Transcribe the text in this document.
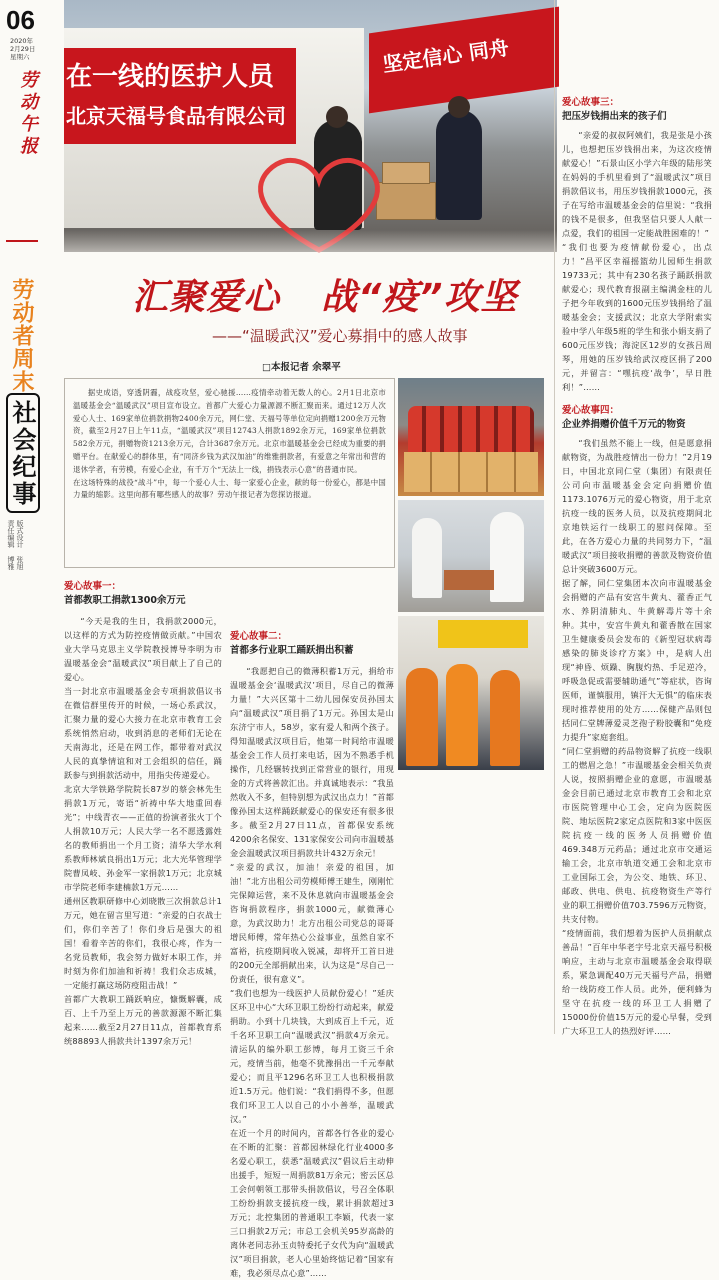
06
2020年
2月29日
星期六
劳动午报
劳动者周末
社会纪事
版式设计 张旭
责任编辑 博雅
在一线的医护人员
北京天福号食品有限公司
坚定信心 同舟
汇聚爱心 战“疫”攻坚
——“温暖武汉”爱心募捐中的感人故事
□本报记者 余翠平
据史成语，穿透阴霾，战疫攻坚，爱心驰援……疫情牵动着无数人的心。2月1日北京市温暖基金会“温暖武汉”项目宣布设立。首都广大爱心力量源源不断汇聚而来。通过12万人次爱心人士、169家单位捐款捐物2400余万元，网仁堂、天福号等单位定向捐赠1200余万元物资，截至2月27日上午11点，“温暖武汉”项目12743人捐款1892余万元，169家单位捐款582余万元，捐赠物资1213余万元，合计3687余万元。北京市温暖基金会已经成为重要的捐赠平台。在献爱心的群体里，有“同济乡钱为武汉加油”的维雅捐款者，有爱意之年常出和营的退休学者，有劳模，有爱心企业，有千万个“无法上一线，捐钱表示心意”的普通市民。
在这场特殊的战役“战斗”中，每一个爱心人士、每一家爱心企业，献的每一份爱心，都是中国力量的缩影。这里向都有哪些感人的故事？劳动午报记者为您探访报道。
爱心故事一：
首都教职工捐款1300余万元
“今天是我的生日，我捐款2000元，以这样的方式为防控疫情做贡献。”中国农业大学马克思主义学院教授博导李明为市温暖基金会“温暖武汉”项目献上了自己的爱心。
当一封北京市温暖基金会专项捐款倡议书在微信群里传开的时候，一场心系武汉，汇聚力量的爱心大接力在北京市教育工会系统悄然启动，收到消息的老师们无论在天南海北，还是在网工作，都带着对武汉人民的真挚情谊和对工会组织的信任，踊跃参与到捐款活动中，用指尖传递爱心。
北京大学铁路学院院长87岁的蔡会林先生捐款1万元，寄语“祈祷中华大地重回春光”；中线青衣——正值的扮演者张火丁个人捐款10万元；人民大学一名不愿透露姓名的教师捐出一个月工资；清华大学水利系教师林斌良捐出1万元；北大光华管理学院曹凤岐、孙金军一家捐款1万元；北京城市学院老师李建楠款1万元……
通州区教职研修中心刘晓散三次捐款总计1万元，她在留言里写道：“亲爱的白衣战士们，你们辛苦了！你们身后是强大的祖国！看着辛苦的你们，我很心疼，作为一名党员教师，我会努力做好本职工作，并时刻为你们加油和祈祷！我们众志成城，一定能打赢这场防疫阻击战！”
首都广大教职工踊跃响应，慷慨解囊，成百、上千乃至上万元的善款源源不断汇集起来……截至2月27日11点，首都教育系统88893人捐款共计1397余万元！
爱心故事二：
首都多行业职工踊跃捐出积蓄
“我愿把自己的微薄积蓄1万元，捐给市温暖基金会‘温暖武汉’项目，尽自己的微薄力量！”大兴区第十二幼儿园保安员孙国太向“温暖武汉”项目捐了1万元。孙国太是山东济宁市人，58岁，家有爱人和两个孩子。得知温暖武汉项目后，他第一时间给市温暖基金会工作人员打来电话，因为不熟悉手机操作，几经辗转找到正常营业的银行，用现金的方式将善款汇出。并真诚地表示：“我虽然收入不多，但特别想为武汉出点力！”首都像孙国太这样踊跃献爱心的保安还有很多很多。截至2月27日11点，首都保安系统4200余名保安、131家保安公司向市温暖基金会温暖武汉项目捐款共计432万余元！
“亲爱的武汉，加油！亲爱的祖国，加油！”北方出租公司劳模师傅王建生，刚刚忙完保障运营，来不及休息就向市温暖基金会咨询捐款程序，捐款1000元，献微薄心意，为武汉助力！北方出租公司党总的哥哥增民师傅，常年热心公益事业，虽然自家不富裕，抗疫期间收入锐减，却将开工首日进的200元全部捐献出来，认为这是“尽自己一份责任，很有意义”。
“我们也想为一线医护人员献份爱心！”延庆区环卫中心“大环卫职工纷纷行动起来，献爱捐助。小到十几块钱，大到成百上千元，近千名环卫职工向“温暖武汉”捐款4万余元。清运队的编外职工彭博，每月工资三千余元，疫情当前，他毫不犹豫捐出一千元奉献爱心；而且平1296名环卫工人也积极捐款近1.5万元。他们说：“我们捐得不多，但愿我们环卫工人以自己的小小善举，温暖武汉。”
在近一个月的时间内，首都各行各业的爱心在不断的汇聚：首都园林绿化行业4000多名爱心职工，获悉“温暖武汉”倡议后主动伸出援手，短短一周捐款81万余元；密云区总工会何朝领工那带头捐款倡议，号召全体职工纷纷捐款支援抗疫一线，累计捐款超过3万元；北控集团的普通职工李颖，代表一家三口捐款2万元；市总工会机关95岁高龄的离休老同志孙玉贞特委托子女代为向“温暖武汉”项目捐款，老人心里始终惦记着“国家有难，我必须尽点心意”……
爱心故事三：
把压岁钱捐出来的孩子们
“亲爱的叔叔阿姨们，我是张是小孩儿，也想把压岁钱捐出来，为这次疫情献爱心！”石景山区小学六年级的陆彤笑在妈妈的手机里看到了“温暖武汉”项目捐款倡议书，用压岁钱捐款1000元，孩子在写给市温暖基金会的信里说：“我捐的钱不是很多，但我坚信只要人人献一点爱，我们的祖国一定能战胜困难的！”
“我们也要为疫情献份爱心，出点力！”昌平区幸福摇篮幼儿园师生捐款19733元；其中有230名孩子踊跃捐款献爱心；现代教育报副主编满金柱的儿子把今年收到的1600元压岁钱捐给了温暖基金会；支援武汉；北京大学附索实验中学八年级5班的学生和张小娟支捐了600元压岁钱；海淀区12岁的女孩吕周琴，用她的压岁钱给武汉疫区捐了200元，并留言：“嘿抗疫‘战争’，早日胜利！”……
爱心故事四：
企业养捐赠价值千万元的物资
“我们虽然不能上一线，但是愿意捐献物资，为战胜疫情出一份力！”2月19日，中国北京同仁堂（集团）有限责任公司向市温暖基金会定向捐赠价值1173.1076万元的爱心物资，用于北京抗疫一线的医务人员，以及抗疫期间北京地铁运行一线职工的慰问保障。至此，在各方爱心力量的共同努力下，“温暖武汉”项目接收捐赠的善款及物资价值总计突破3600万元。
据了解，同仁堂集团本次向市温暖基金会捐赠的产品有安宫牛黄丸、藿香正气水、养阴清肺丸、牛黄解毒片等十余种。其中，安宫牛黄丸和藿香散在国家卫生健康委员会发布的《新型冠状病毒感染的肺炎诊疗方案》中，是病人出现“神昏、烦躁、胸腹灼热、手足逆冷，呼吸急促或需要辅助通气”等症状，咨询医师，谨慎服用，镇汗大无惧”的临床表现时推荐使用的处方……保健产品则包括同仁堂牌薄爱灵芝孢子粉胶囊和“免疫力提升”家庭套组。
“同仁堂捐赠的药品物资解了抗疫一线职工的燃眉之急！”市温暖基金会相关负责人说，按照捐赠企业的意愿，市温暖基金会目前已通过北京市教育工会和北京市医院管理中心工会，定向为医院医院、地坛医院2家定点医院和3家中医医院抗疫一线的医务人员捐赠价值469.348万元药品；通过北京市交通运输工会，北京市轨道交通工会和北京市工业国际工会，为公交、地铁、环卫、邮政、供电、供电、抗疫物资生产等行业的职工捐赠价值703.7596万元物资，共支付物。
“疫情面前，我们想着为医护人员捐献点善品！”百年中华老字号北京天福号积极响应，主动与北京市温暖基金会取得联系，紧急调配40万元天福号产品，捐赠给一线防疫工作人员。此外，便利蜂为坚守在抗疫一线的环卫工人捐赠了15000份价值15万元的爱心早餐，受到广大环卫工人的热烈好评……
